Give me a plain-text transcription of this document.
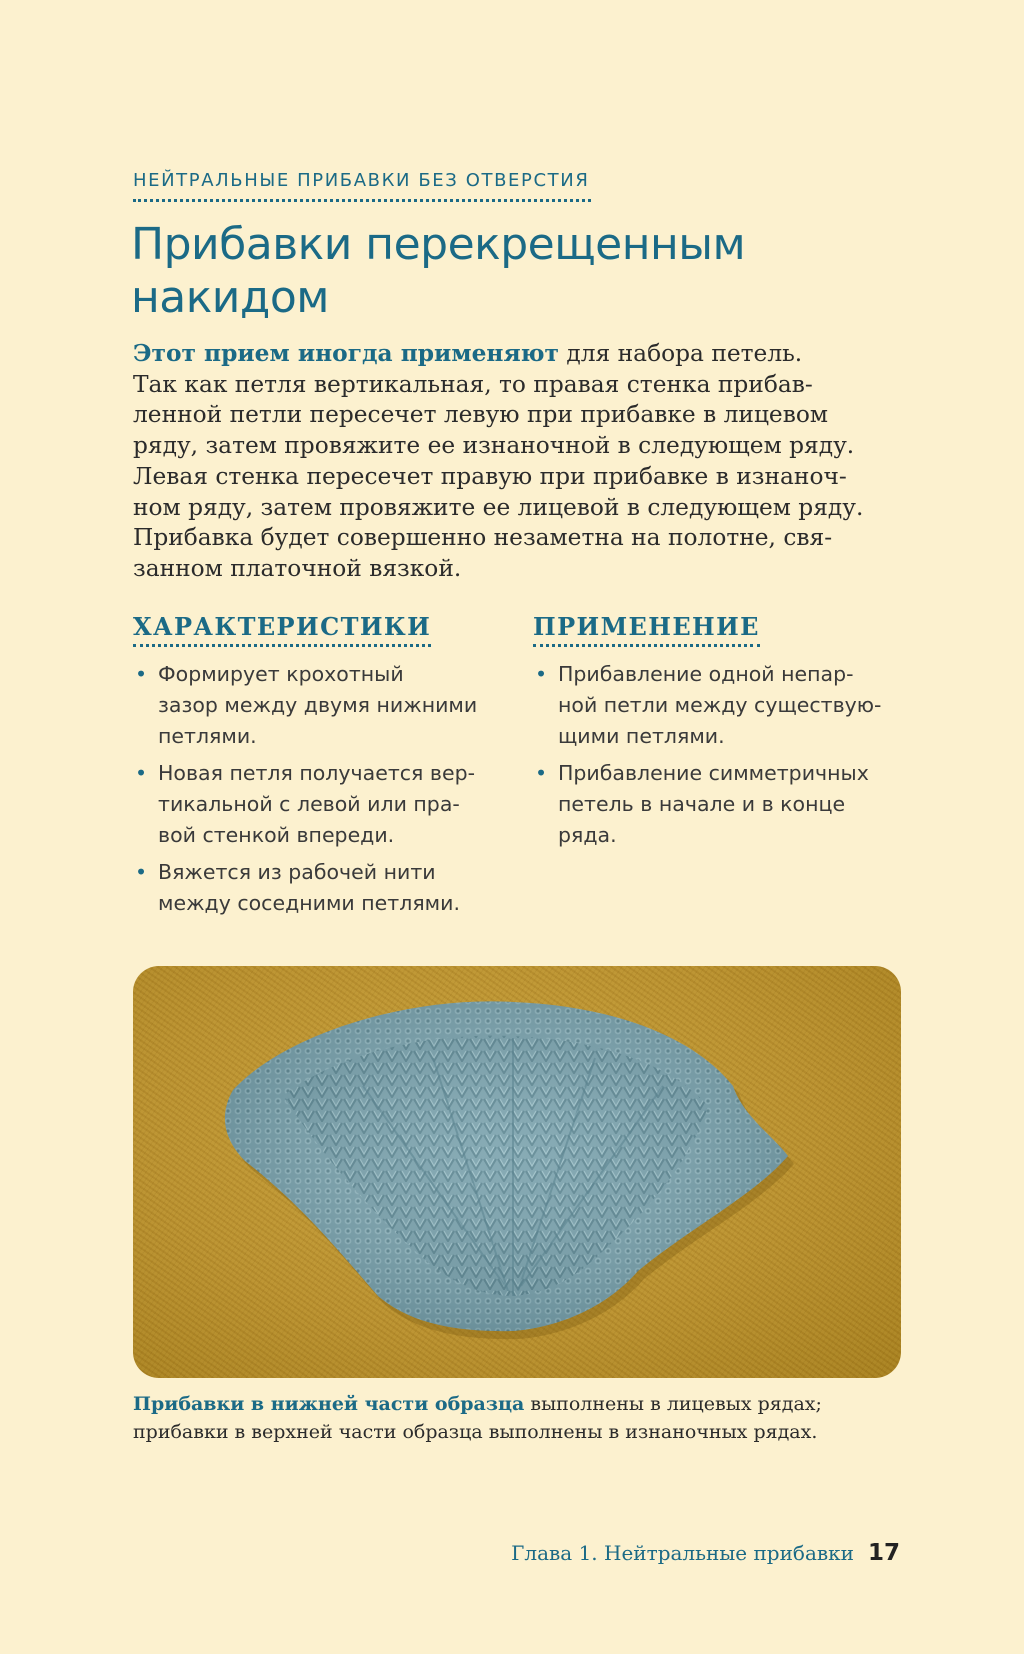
НЕЙТРАЛЬНЫЕ ПРИБАВКИ БЕЗ ОТВЕРСТИЯ
Прибавки перекрещенным
накидом

Этот прием иногда применяют для набора петель.
Так как петля вертикальная, то правая стенка прибав-
ленной петли пересечет левую при прибавке в лицевом
ряду, затем провяжите ее изнаночной в следующем ряду.
Левая стенка пересечет правую при прибавке в изнаноч-
ном ряду, затем провяжите ее лицевой в следующем ряду.
Прибавка будет совершенно незаметна на полотне, свя-
занном платочной вязкой.

ХАРАКТЕРИСТИКИ
• Формирует крохотный
зазор между двумя нижними
петлями.
• Новая петля получается вер-
тикальной с левой или пра-
вой стенкой впереди.
• Вяжется из рабочей нити
между соседними петлями.
ПРИМЕНЕНИЕ
• Прибавление одной непар-
ной петли между существую-
щими петлями.
• Прибавление симметричных
петель в начале и в конце
ряда.

Прибавки в нижней части образца выполнены в лицевых рядах;
прибавки в верхней части образца выполнены в изнаночных рядах.

Глава 1. Нейтральные прибавки 17
